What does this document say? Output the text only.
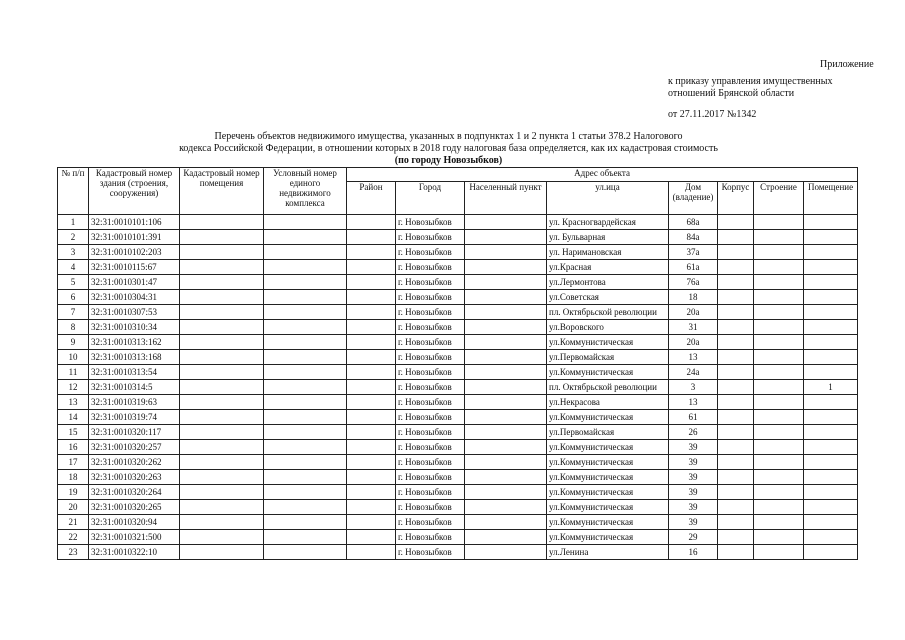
Приложение
к приказу управления имущественных
отношений Брянской области
от 27.11.2017 №1342
Перечень объектов недвижимого имущества, указанных в подпунктах 1 и 2 пункта 1 статьи 378.2 Налогового
кодекса Российской Федерации, в отношении которых в 2018 году налоговая база определяется, как их кадастровая стоимость
(по городу Новозыбков)
№ п/п	Кадастровый номер здания (строения, сооружения)	Кадастровый номер помещения	Условный номер единого недвижимого комплекса	Адрес объекта							
				Район	Город	Населенный пункт	ул.ица	Дом (владение)	Корпус	Строение	Помещение
1	32:31:0010101:106				г. Новозыбков		ул. Красногвардейская	68а			
2	32:31:0010101:391				г. Новозыбков		ул. Бульварная	84а			
3	32:31:0010102:203				г. Новозыбков		ул. Наримановская	37а			
4	32:31:0010115:67				г. Новозыбков		ул.Красная	61а			
5	32:31:0010301:47				г. Новозыбков		ул.Лермонтова	76а			
6	32:31:0010304:31				г. Новозыбков		ул.Советская	18			
7	32:31:0010307:53				г. Новозыбков		пл. Октябрьской революции	20а			
8	32:31:0010310:34				г. Новозыбков		ул.Воровского	31			
9	32:31:0010313:162				г. Новозыбков		ул.Коммунистическая	20а			
10	32:31:0010313:168				г. Новозыбков		ул.Первомайская	13			
11	32:31:0010313:54				г. Новозыбков		ул.Коммунистическая	24а			
12	32:31:0010314:5				г. Новозыбков		пл. Октябрьской революции	3			1
13	32:31:0010319:63				г. Новозыбков		ул.Некрасова	13			
14	32:31:0010319:74				г. Новозыбков		ул.Коммунистическая	61			
15	32:31:0010320:117				г. Новозыбков		ул.Первомайская	26			
16	32:31:0010320:257				г. Новозыбков		ул.Коммунистическая	39			
17	32:31:0010320:262				г. Новозыбков		ул.Коммунистическая	39			
18	32:31:0010320:263				г. Новозыбков		ул.Коммунистическая	39			
19	32:31:0010320:264				г. Новозыбков		ул.Коммунистическая	39			
20	32:31:0010320:265				г. Новозыбков		ул.Коммунистическая	39			
21	32:31:0010320:94				г. Новозыбков		ул.Коммунистическая	39			
22	32:31:0010321:500				г. Новозыбков		ул.Коммунистическая	29			
23	32:31:0010322:10				г. Новозыбков		ул.Ленина	16			
